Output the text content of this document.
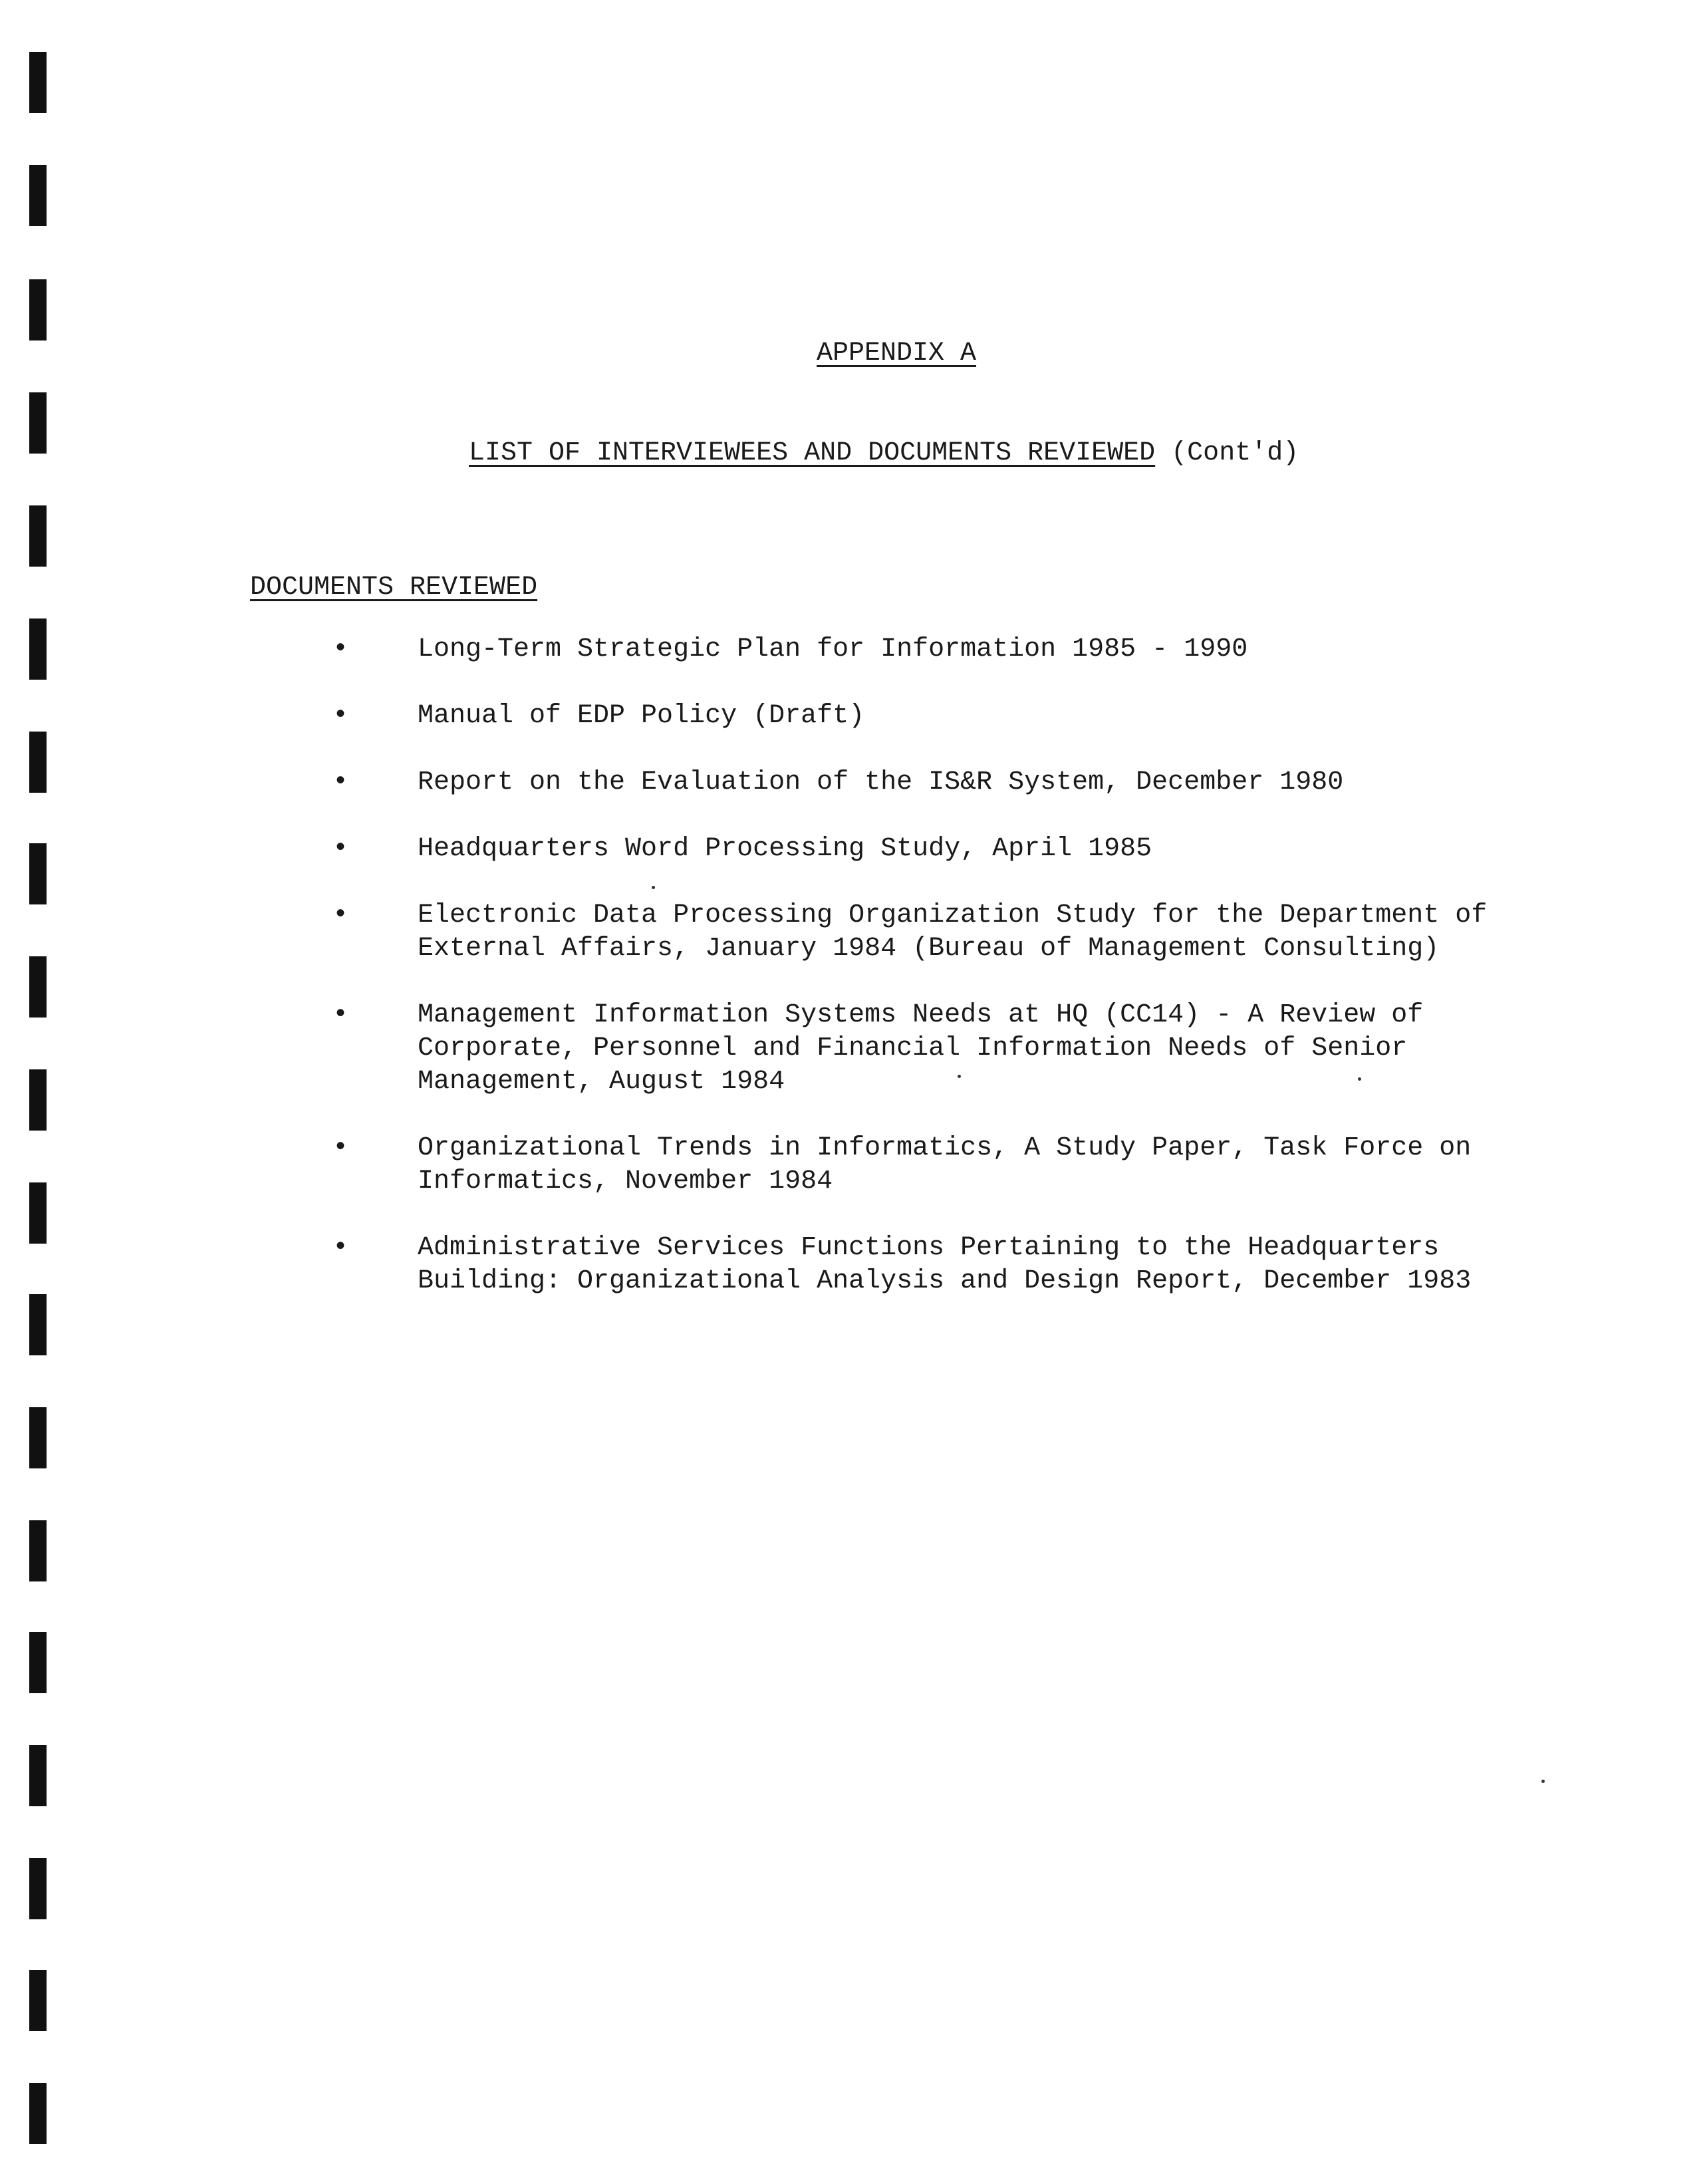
APPENDIX A
LIST OF INTERVIEWEES AND DOCUMENTS REVIEWED (Cont'd)
DOCUMENTS REVIEWED
•	Long-Term Strategic Plan for Information 1985 - 1990
•	Manual of EDP Policy (Draft)
•	Report on the Evaluation of the IS&R System, December 1980
•	Headquarters Word Processing Study, April 1985
•	Electronic Data Processing Organization Study for the Department of
External Affairs, January 1984 (Bureau of Management Consulting)
•	Management Information Systems Needs at HQ (CC14) - A Review of
Corporate, Personnel and Financial Information Needs of Senior
Management, August 1984
•	Organizational Trends in Informatics, A Study Paper, Task Force on
Informatics, November 1984
•	Administrative Services Functions Pertaining to the Headquarters
Building: Organizational Analysis and Design Report, December 1983
